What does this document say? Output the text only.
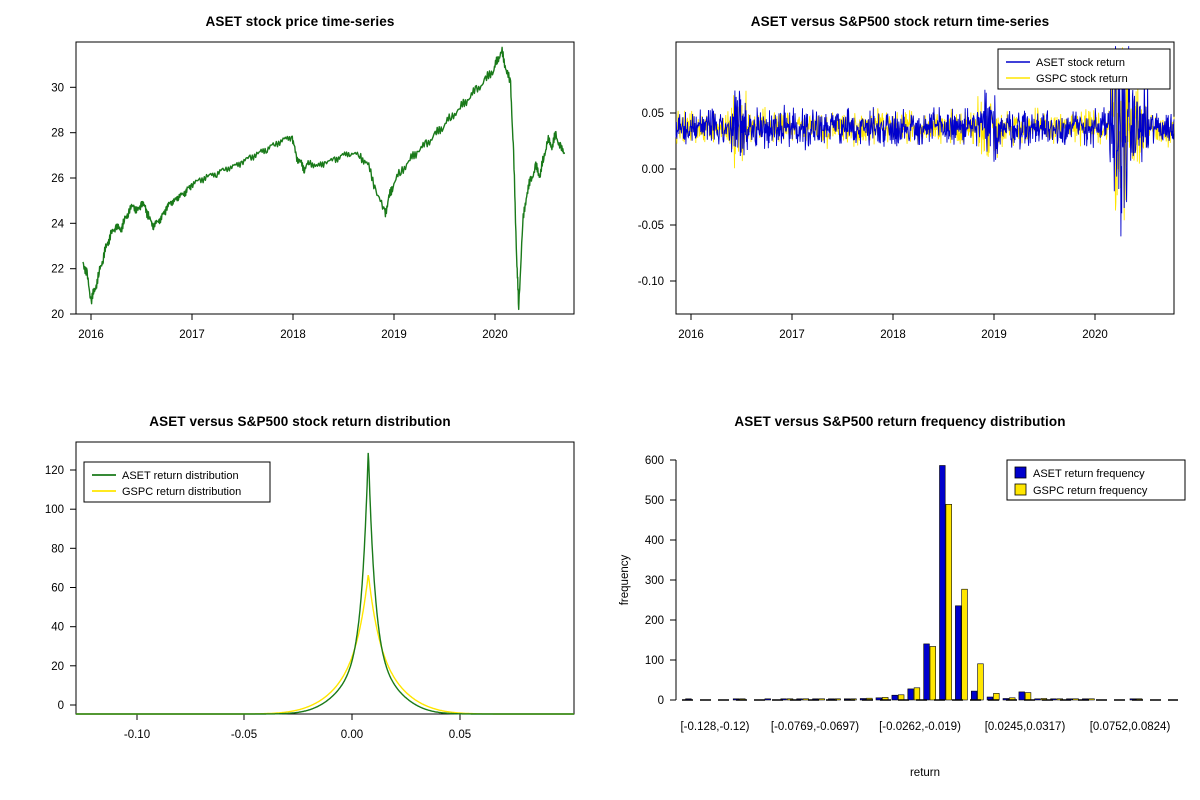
ASET stock price time-series
20
22
24
26
28
30
2016	2017	2018	2019	2020
ASET versus S&P500 stock return time-series
-0.10
-0.05
0.00
0.05
2016	2017	2018	2019	2020
ASET stock return
GSPC stock return
ASET versus S&P500 stock return distribution
0
20
40
60
80
100
120
-0.10	-0.05	0.00	0.05
ASET return distribution
GSPC return distribution
ASET versus S&P500 return frequency distribution
0
100
200
300
400
500
600
frequency
return
[-0.128,-0.12) [-0.0769,-0.0697) [-0.0262,-0.019) [0.0245,0.0317) [0.0752,0.0824)
ASET return frequency
GSPC return frequency
